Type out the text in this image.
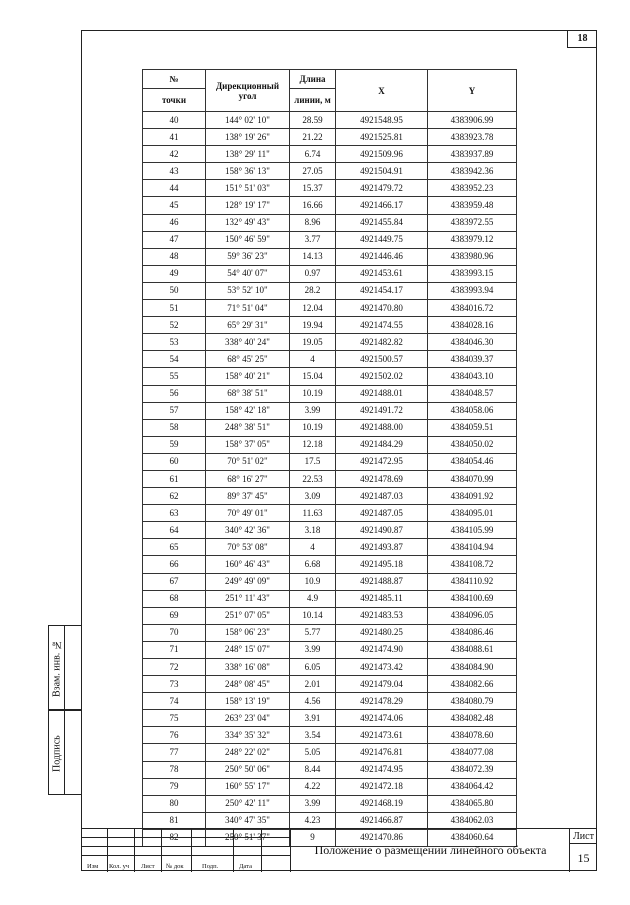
18
Взам. инв. №
Подпись
№	Дирекционный угол	Длина	X	Y
точки		линии, м		
40	144° 02' 10"	28.59	4921548.95	4383906.99
41	138° 19' 26"	21.22	4921525.81	4383923.78
42	138° 29' 11"	6.74	4921509.96	4383937.89
43	158° 36' 13"	27.05	4921504.91	4383942.36
44	151° 51' 03"	15.37	4921479.72	4383952.23
45	128° 19' 17"	16.66	4921466.17	4383959.48
46	132° 49' 43"	8.96	4921455.84	4383972.55
47	150° 46' 59"	3.77	4921449.75	4383979.12
48	59° 36' 23"	14.13	4921446.46	4383980.96
49	54° 40' 07"	0.97	4921453.61	4383993.15
50	53° 52' 10"	28.2	4921454.17	4383993.94
51	71° 51' 04"	12.04	4921470.80	4384016.72
52	65° 29' 31"	19.94	4921474.55	4384028.16
53	338° 40' 24"	19.05	4921482.82	4384046.30
54	68° 45' 25"	4	4921500.57	4384039.37
55	158° 40' 21"	15.04	4921502.02	4384043.10
56	68° 38' 51"	10.19	4921488.01	4384048.57
57	158° 42' 18"	3.99	4921491.72	4384058.06
58	248° 38' 51"	10.19	4921488.00	4384059.51
59	158° 37' 05"	12.18	4921484.29	4384050.02
60	70° 51' 02"	17.5	4921472.95	4384054.46
61	68° 16' 27"	22.53	4921478.69	4384070.99
62	89° 37' 45"	3.09	4921487.03	4384091.92
63	70° 49' 01"	11.63	4921487.05	4384095.01
64	340° 42' 36"	3.18	4921490.87	4384105.99
65	70° 53' 08"	4	4921493.87	4384104.94
66	160° 46' 43"	6.68	4921495.18	4384108.72
67	249° 49' 09"	10.9	4921488.87	4384110.92
68	251° 11' 43"	4.9	4921485.11	4384100.69
69	251° 07' 05"	10.14	4921483.53	4384096.05
70	158° 06' 23"	5.77	4921480.25	4384086.46
71	248° 15' 07"	3.99	4921474.90	4384088.61
72	338° 16' 08"	6.05	4921473.42	4384084.90
73	248° 08' 45"	2.01	4921479.04	4384082.66
74	158° 13' 19"	4.56	4921478.29	4384080.79
75	263° 23' 04"	3.91	4921474.06	4384082.48
76	334° 35' 32"	3.54	4921473.61	4384078.60
77	248° 22' 02"	5.05	4921476.81	4384077.08
78	250° 50' 06"	8.44	4921474.95	4384072.39
79	160° 55' 17"	4.22	4921472.18	4384064.42
80	250° 42' 11"	3.99	4921468.19	4384065.80
81	340° 47' 35"	4.23	4921466.87	4384062.03
82	250° 51' 37"	9	4921470.86	4384060.64
Изм Кол. уч Лист № док	Подп.	Дата
Положение о размещении линейного объекта
Лист
15
